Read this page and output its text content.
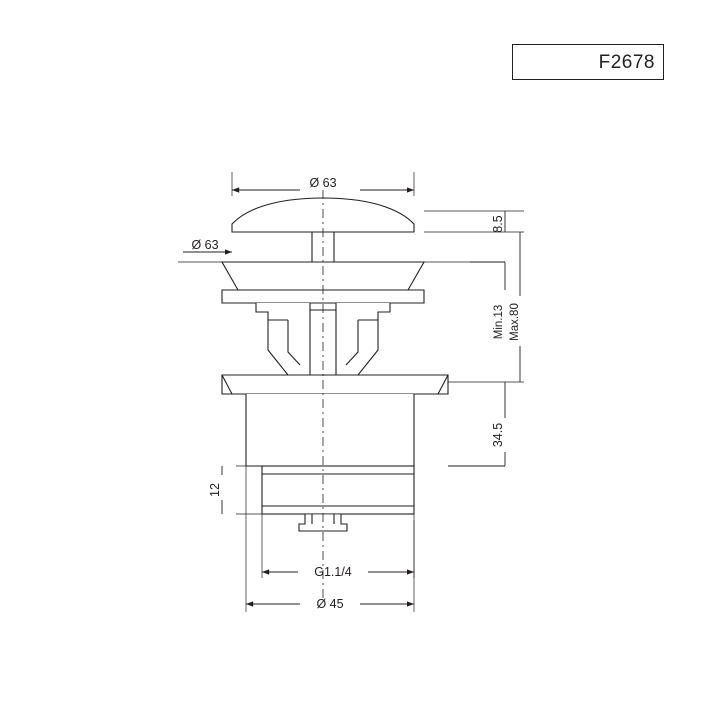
F2678
Ø 63
Ø 63
8.5
Min.13 Max.80
34.5
12
G1.1/4
Ø 45
